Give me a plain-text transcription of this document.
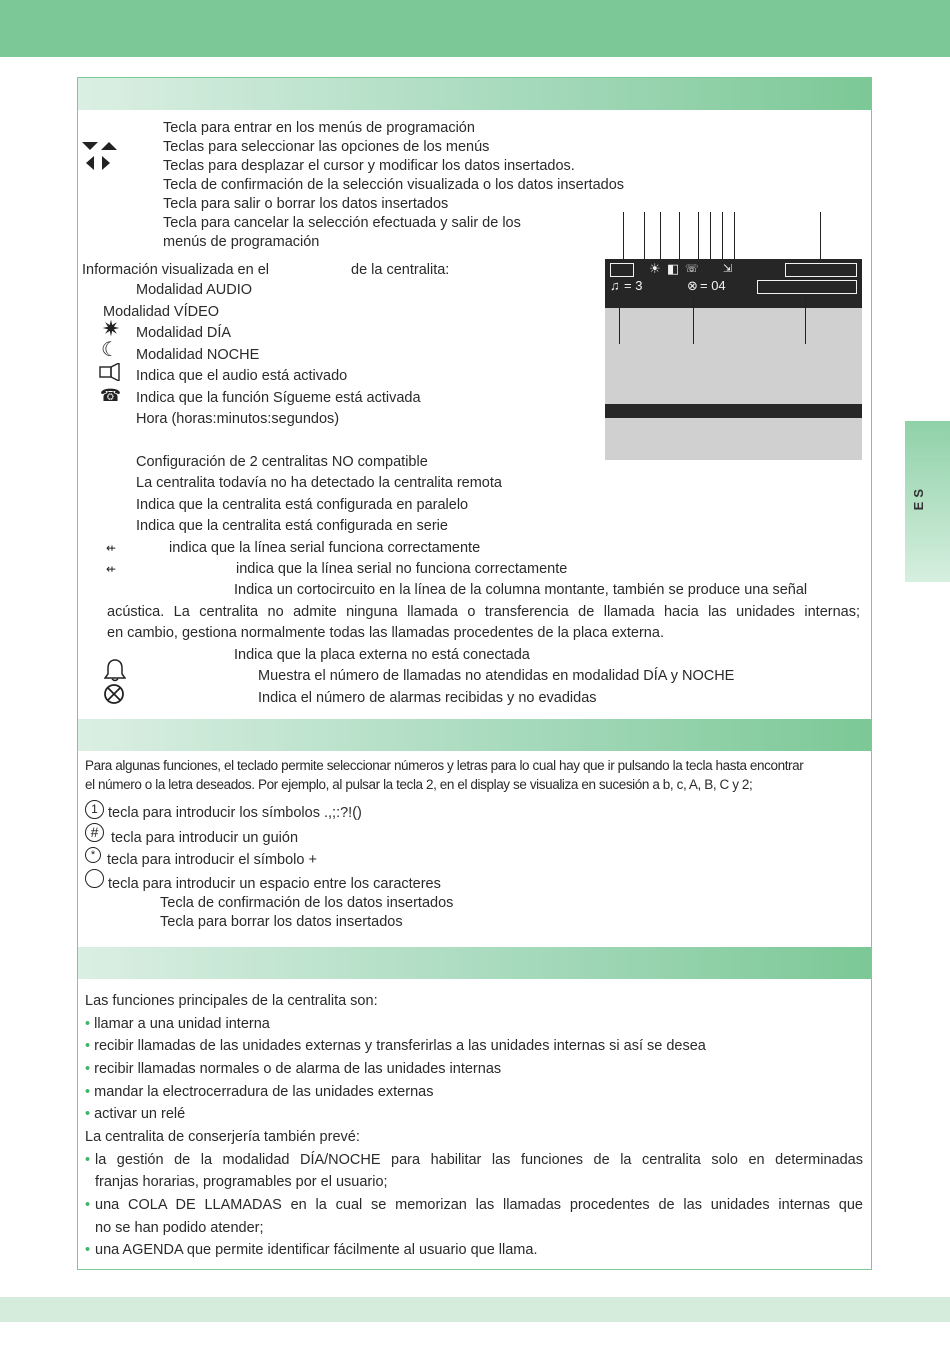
ES
Tecla para entrar en los menús de programación
Teclas para seleccionar las opciones de los menús
Teclas para desplazar el cursor y modificar los datos insertados.
Tecla de confirmación de la selección visualizada o los datos insertados
Tecla para salir o borrar los datos insertados
Tecla para cancelar la selección efectuada y salir de los
menús de programación
☀ ◧ ☏ ⇲
♫ = 3	⊗ = 04
Información visualizada en el	de la centralita:
Modalidad AUDIO
Modalidad VÍDEO
✷ Modalidad DÍA
☾ Modalidad NOCHE
Indica que el audio está activado
☎ Indica que la función Sígueme está activada
Hora (horas:minutos:segundos)
Configuración de 2 centralitas NO compatible
La centralita todavía no ha detectado la centralita remota
Indica que la centralita está configurada en paralelo
Indica que la centralita está configurada en serie
⇷	indica que la línea serial funciona correctamente
⇷	indica que la línea serial no funciona correctamente
Indica un cortocircuito en la línea de la columna montante, también se produce una señal
acústica. La centralita no admite ninguna llamada o transferencia de llamada hacia las unidades internas;
en cambio, gestiona normalmente todas las llamadas procedentes de la placa externa.
Indica que la placa externa no está conectada
Muestra el número de llamadas no atendidas en modalidad DÍA y NOCHE
Indica el número de alarmas recibidas y no evadidas
Para algunas funciones, el teclado permite seleccionar números y letras para lo cual hay que ir pulsando la tecla hasta encontrar
el número o la letra deseados. Por ejemplo, al pulsar la tecla 2, en el display se visualiza en sucesión a b, c, A, B, C y 2;
1 tecla para introducir los símbolos .,;:?!()
# tecla para introducir un guión
* tecla para introducir el símbolo +
tecla para introducir un espacio entre los caracteres
Tecla de confirmación de los datos insertados
Tecla para borrar los datos insertados
Las funciones principales de la centralita son:
• llamar a una unidad interna
• recibir llamadas de las unidades externas y transferirlas a las unidades internas si así se desea
• recibir llamadas normales o de alarma de las unidades internas
• mandar la electrocerradura de las unidades externas
• activar un relé
La centralita de conserjería también prevé:
• la gestión de la modalidad DÍA/NOCHE para habilitar las funciones de la centralita solo en determinadas
franjas horarias, programables por el usuario;
• una COLA DE LLAMADAS en la cual se memorizan las llamadas procedentes de las unidades internas que
no se han podido atender;
• una AGENDA que permite identificar fácilmente al usuario que llama.
